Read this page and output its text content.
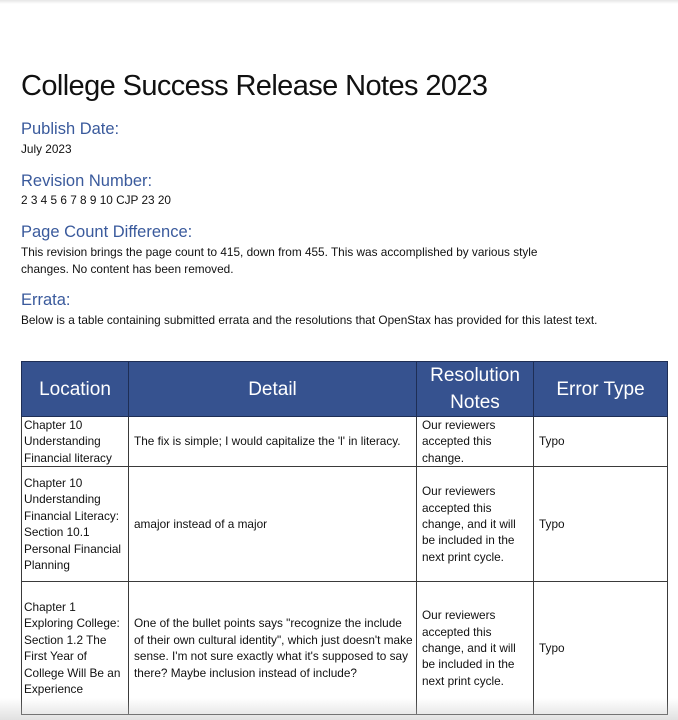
College Success Release Notes 2023
Publish Date:

July 2023

Revision Number:

2 3 4 5 6 7 8 9 10 CJP 23 20

Page Count Difference:

This revision brings the page count to 415, down from 455. This was accomplished by various style changes. No content has been removed.

Errata:

Below is a table containing submitted errata and the resolutions that OpenStax has provided for this latest text.

Location	Detail	Resolution Notes	Error Type
Chapter 10 Understanding Financial literacy	The fix is simple; I would capitalize the 'l' in literacy.	Our reviewers accepted this change.	Typo
Chapter 10 Understanding Financial Literacy: Section 10.1 Personal Financial Planning	amajor instead of a major	Our reviewers accepted this change, and it will be included in the next print cycle.	Typo
Chapter 1 Exploring College: Section 1.2 The First Year of College Will Be an Experience	One of the bullet points says "recognize the include of their own cultural identity", which just doesn't make sense. I'm not sure exactly what it's supposed to say there? Maybe inclusion instead of include?	Our reviewers accepted this change, and it will be included in the next print cycle.	Typo
